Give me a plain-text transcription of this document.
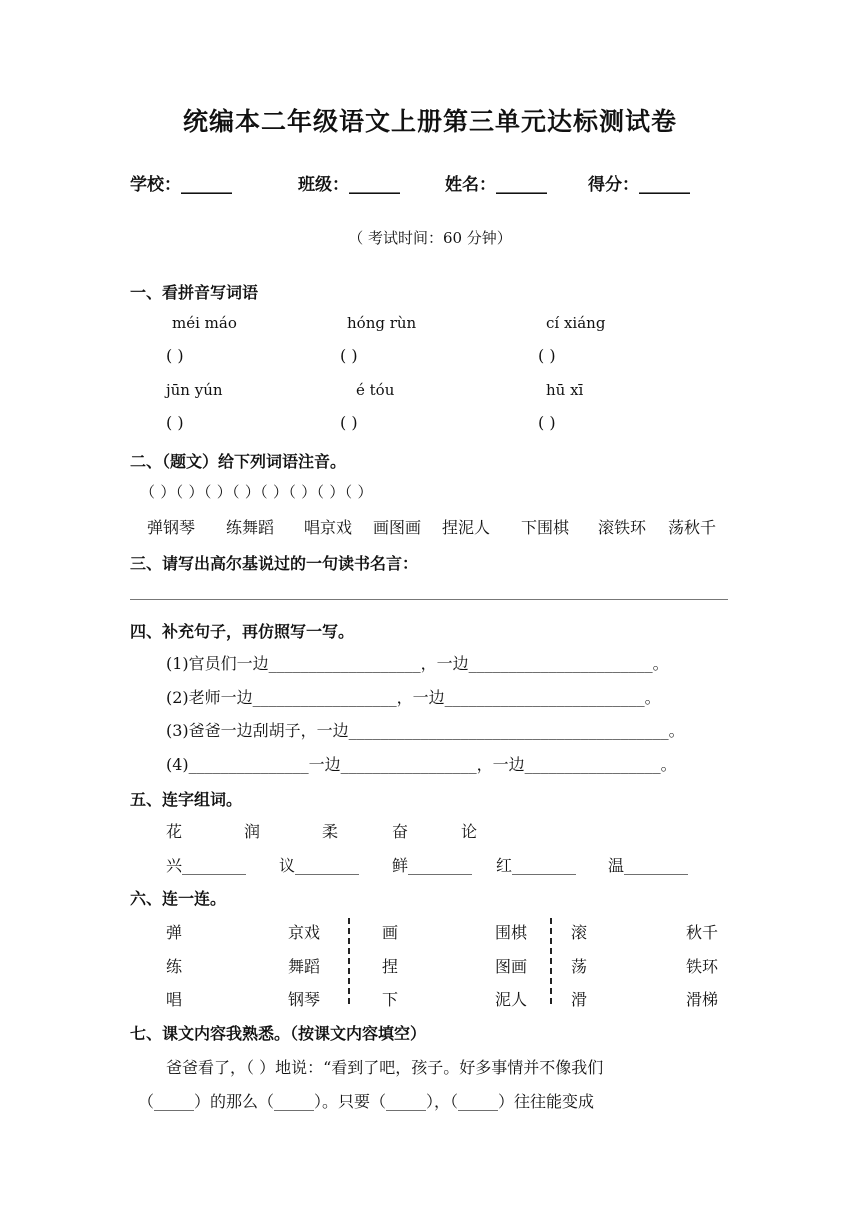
统编本二年级语文上册第三单元达标测试卷
学校：______	班级：______	姓名：______ 得分：______
（ 考试时间：60 分钟）
一、看拼音写词语
méi máo	hóng rùn	cí xiáng
( )	( )	( )
jūn yún	é tóu	hū xī
( )	( )	( )
二、（题文）给下列词语注音。
（ ）（ ）（ ）（ ）（ ）（ ）（ ）（ ）
弹钢琴 练舞蹈 唱京戏 画图画 捏泥人 下围棋 滚铁环 荡秋千
三、请写出高尔基说过的一句读书名言：
四、补充句子，再仿照写一写。
(1)官员们一边___________________，一边_______________________。
(2)老师一边__________________，一边_________________________。
(3)爸爸一边刮胡子，一边________________________________________。
(4)_______________一边_________________，一边_________________。
五、连字组词。
花	润	柔	奋	论
兴________ 议________ 鲜________ 红________ 温________
六、连一连。
弹	京戏	画	围棋	滚	秋千
练	舞蹈	捏	图画	荡	铁环
唱	钢琴	下	泥人	滑	滑梯
七、课文内容我熟悉。（按课文内容填空）
爸爸看了，（ ）地说：“看到了吧，孩子。好多事情并不像我们
（_____）的那么（_____）。只要（_____），（_____）往往能变成
